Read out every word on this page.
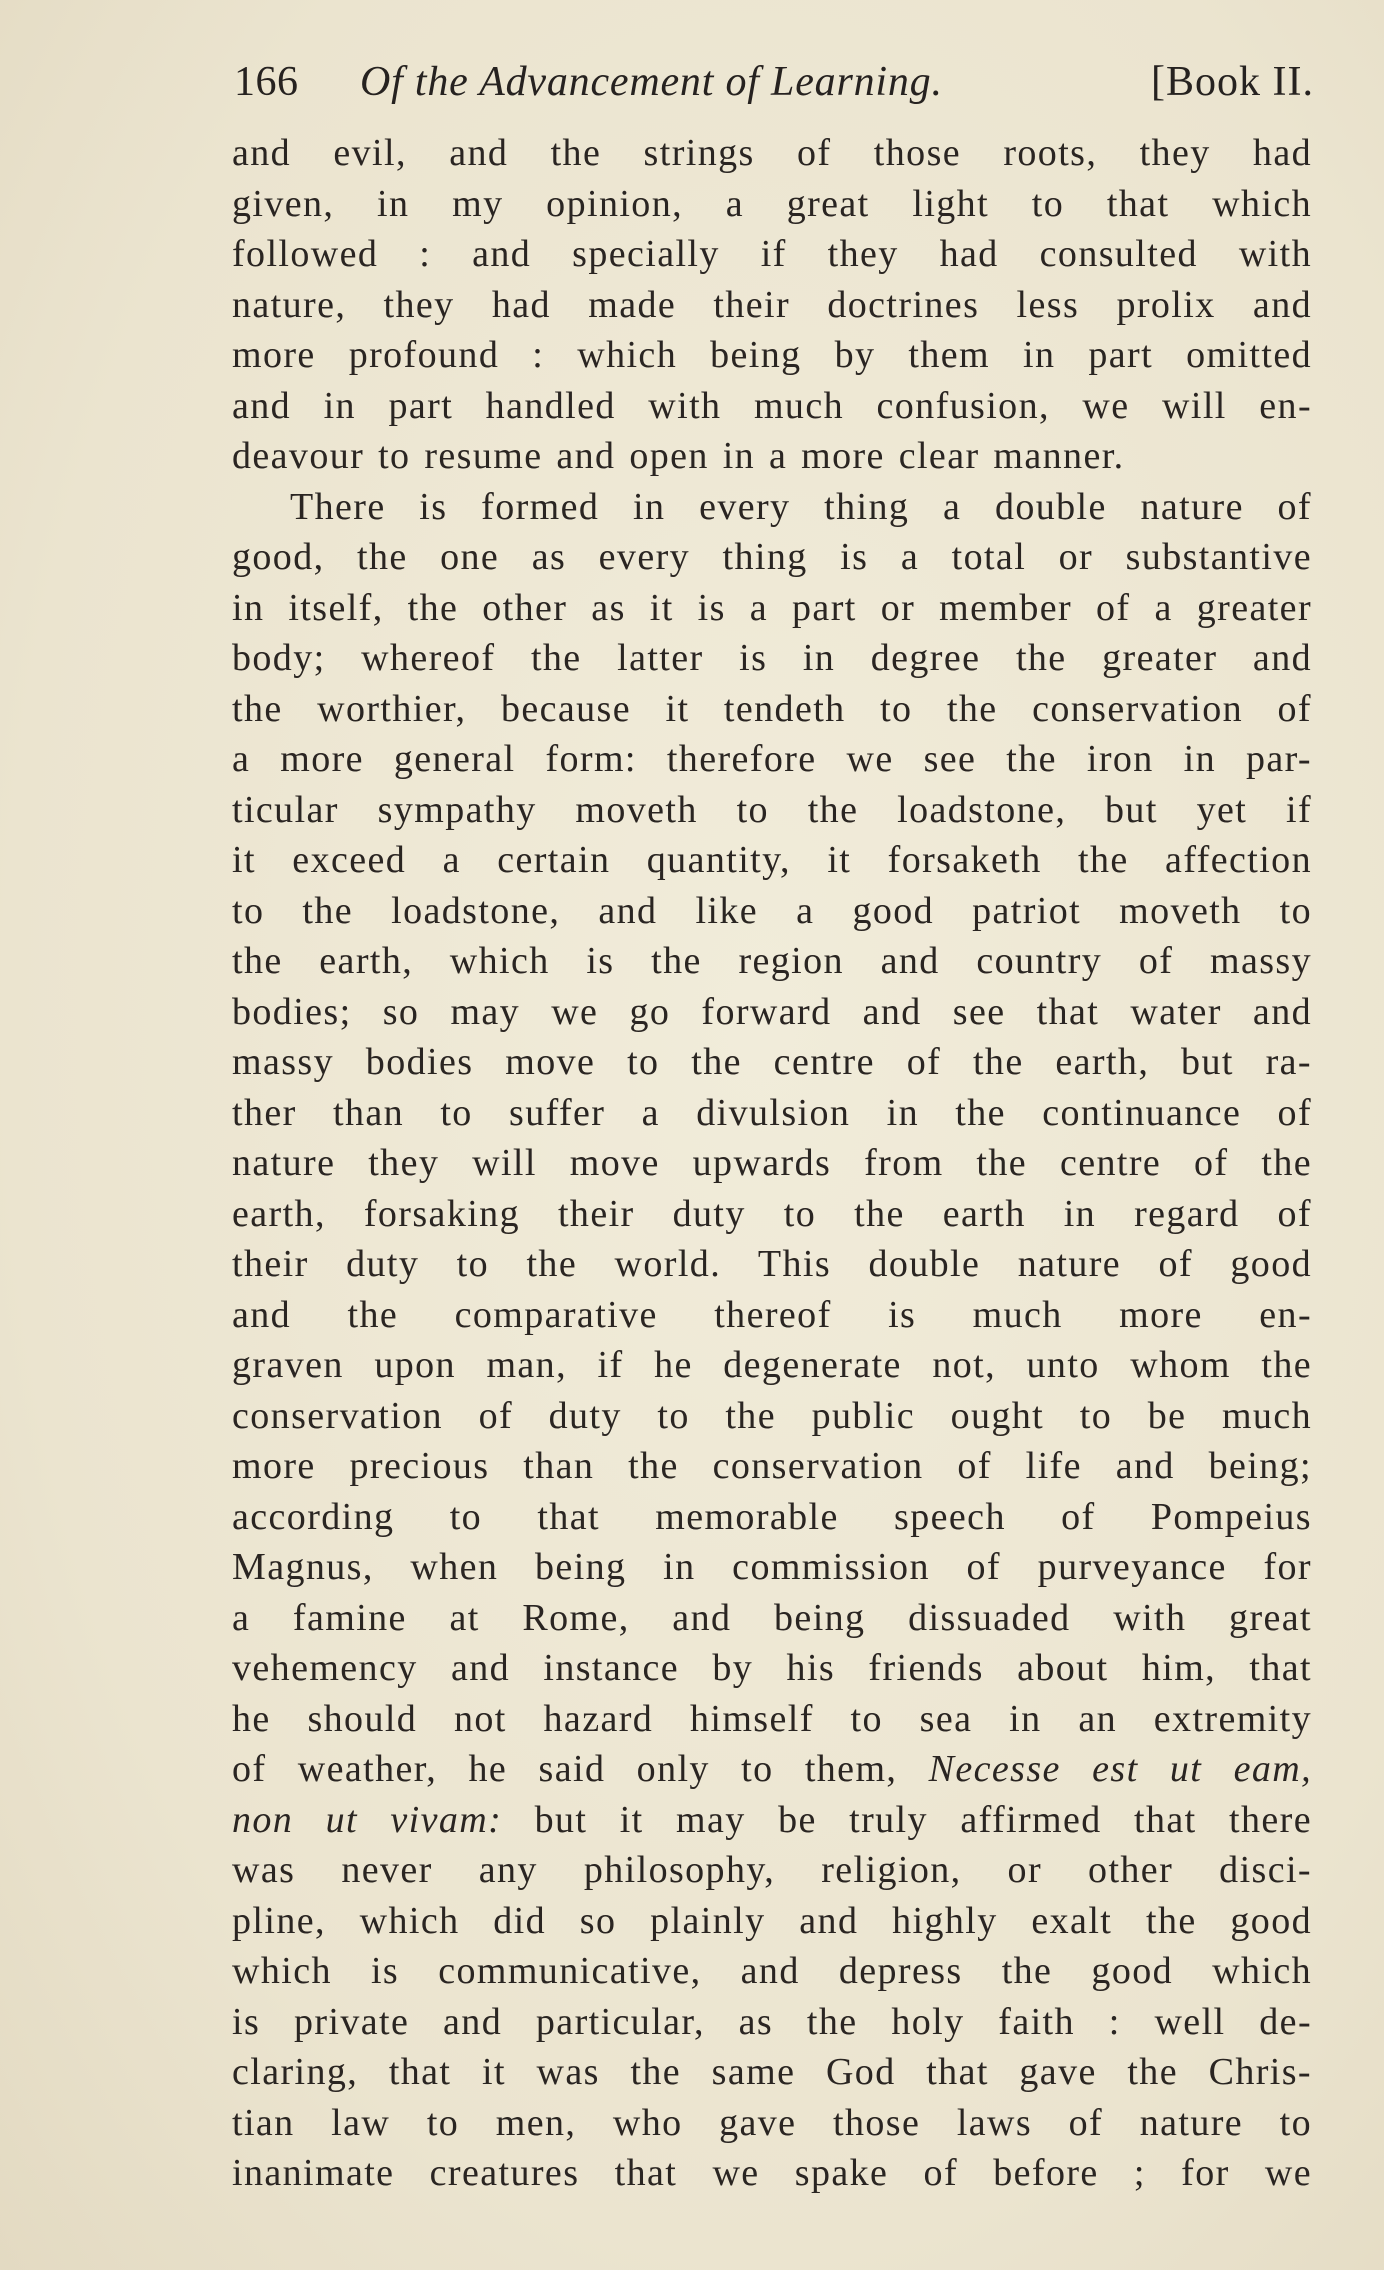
166	Of the Advancement of Learning.	[Book II.
and evil, and the strings of those roots, they had
given, in my opinion, a great light to that which
followed : and specially if they had consulted with
nature, they had made their doctrines less prolix and
more profound : which being by them in part omitted
and in part handled with much confusion, we will en-
deavour to resume and open in a more clear manner.
There is formed in every thing a double nature of
good, the one as every thing is a total or substantive
in itself, the other as it is a part or member of a greater
body; whereof the latter is in degree the greater and
the worthier, because it tendeth to the conservation of
a more general form: therefore we see the iron in par-
ticular sympathy moveth to the loadstone, but yet if
it exceed a certain quantity, it forsaketh the affection
to the loadstone, and like a good patriot moveth to
the earth, which is the region and country of massy
bodies; so may we go forward and see that water and
massy bodies move to the centre of the earth, but ra-
ther than to suffer a divulsion in the continuance of
nature they will move upwards from the centre of the
earth, forsaking their duty to the earth in regard of
their duty to the world. This double nature of good
and the comparative thereof is much more en-
graven upon man, if he degenerate not, unto whom the
conservation of duty to the public ought to be much
more precious than the conservation of life and being;
according to that memorable speech of Pompeius
Magnus, when being in commission of purveyance for
a famine at Rome, and being dissuaded with great
vehemency and instance by his friends about him, that
he should not hazard himself to sea in an extremity
of weather, he said only to them, Necesse est ut eam,
non ut vivam: but it may be truly affirmed that there
was never any philosophy, religion, or other disci-
pline, which did so plainly and highly exalt the good
which is communicative, and depress the good which
is private and particular, as the holy faith : well de-
claring, that it was the same God that gave the Chris-
tian law to men, who gave those laws of nature to
inanimate creatures that we spake of before ; for we
